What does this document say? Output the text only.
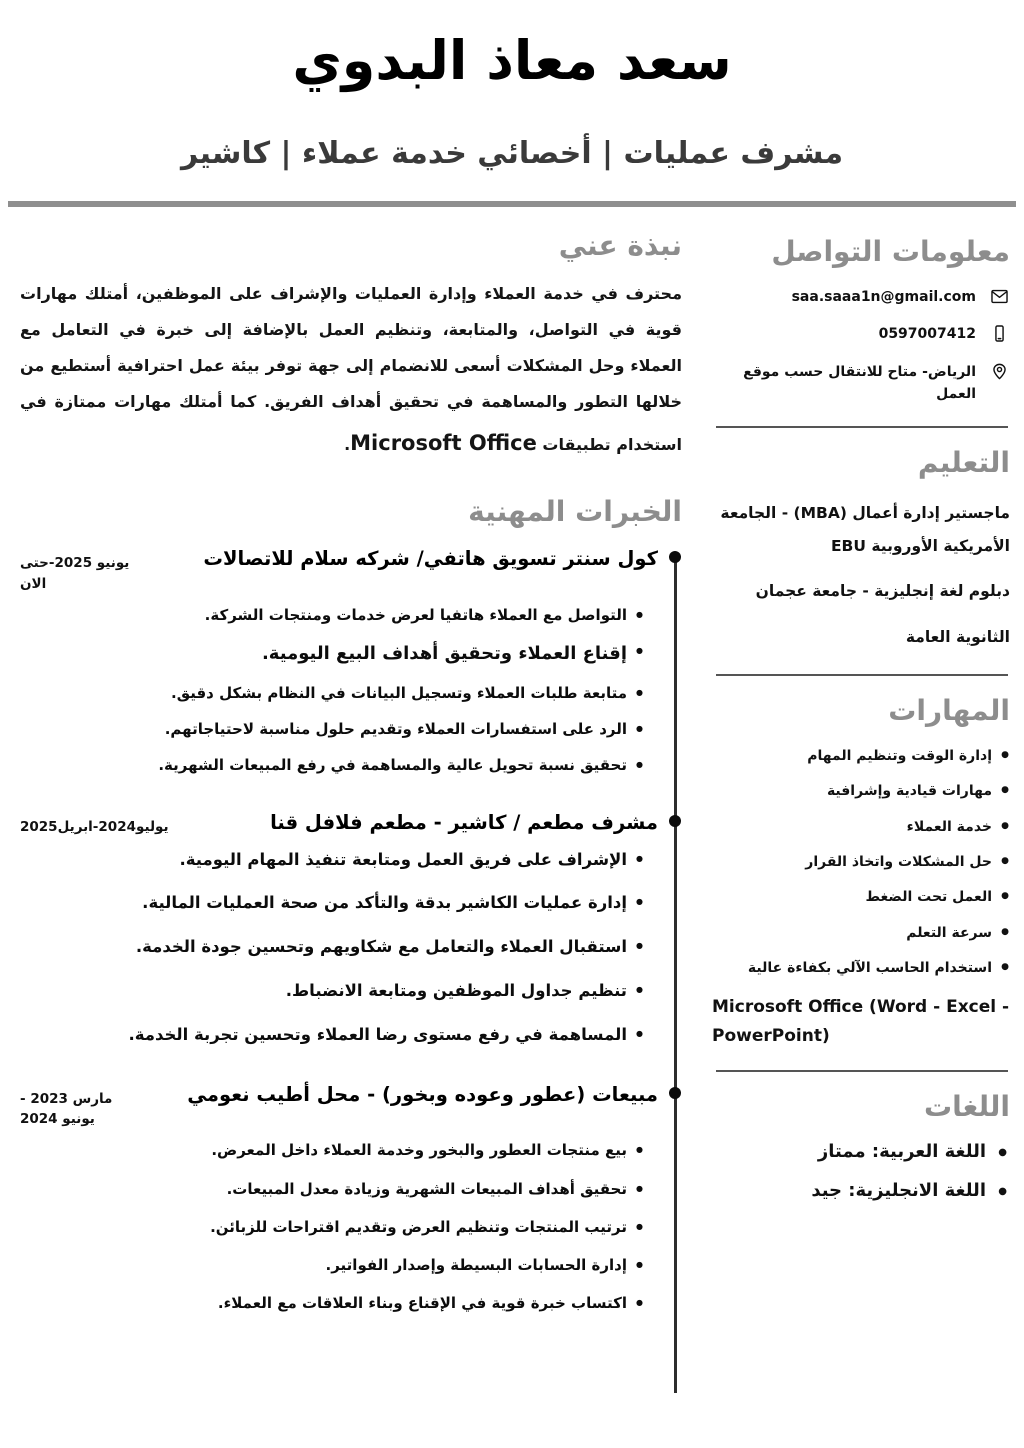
سعد معاذ البدوي
مشرف عمليات | أخصائي خدمة عملاء | كاشير
معلومات التواصل
saa.saaa1n@gmail.com
0597007412
الرياض- متاح للانتقال حسب موقع العمل
التعليم
ماجستير إدارة أعمال (MBA) - الجامعة الأمريكية الأوروبية EBU
دبلوم لغة إنجليزية - جامعة عجمان
الثانوية العامة
المهارات
● إدارة الوقت وتنظيم المهام
● مهارات قيادية وإشرافية
● خدمة العملاء
● حل المشكلات واتخاذ القرار
● العمل تحت الضغط
● سرعة التعلم
● استخدام الحاسب الآلي بكفاءة عالية
Microsoft Office (Word - Excel - PowerPoint)
اللغات
● اللغة العربية: ممتاز
● اللغة الانجليزية: جيد
نبذة عني

محترف في خدمة العملاء وإدارة العمليات والإشراف على الموظفين، أمتلك مهارات قوية في التواصل، والمتابعة، وتنظيم العمل بالإضافة إلى خبرة في التعامل مع العملاء وحل المشكلات أسعى للانضمام إلى جهة توفر بيئة عمل احترافية أستطيع من خلالها التطور والمساهمة في تحقيق أهداف الفريق. كما أمتلك مهارات ممتازة في استخدام تطبيقات Microsoft Office.

الخبرات المهنية
كول سنتر تسويق هاتفي/ شركه سلام للاتصالات
يونيو 2025-حتى الان
● التواصل مع العملاء هاتفيا لعرض خدمات ومنتجات الشركة.
● إقناع العملاء وتحقيق أهداف البيع اليومية.
● متابعة طلبات العملاء وتسجيل البيانات في النظام بشكل دقيق.
● الرد على استفسارات العملاء وتقديم حلول مناسبة لاحتياجاتهم.
● تحقيق نسبة تحويل عالية والمساهمة في رفع المبيعات الشهرية.
مشرف مطعم / كاشير - مطعم فلافل قنا
يوليو2024-ابريل2025
● الإشراف على فريق العمل ومتابعة تنفيذ المهام اليومية.
● إدارة عمليات الكاشير بدقة والتأكد من صحة العمليات المالية.
● استقبال العملاء والتعامل مع شكاويهم وتحسين جودة الخدمة.
● تنظيم جداول الموظفين ومتابعة الانضباط.
● المساهمة في رفع مستوى رضا العملاء وتحسين تجربة الخدمة.
مبيعات (عطور وعوده وبخور) - محل أطيب نعومي
مارس 2023 - يونيو 2024
● بيع منتجات العطور والبخور وخدمة العملاء داخل المعرض.
● تحقيق أهداف المبيعات الشهرية وزيادة معدل المبيعات.
● ترتيب المنتجات وتنظيم العرض وتقديم اقتراحات للزبائن.
● إدارة الحسابات البسيطة وإصدار الفواتير.
● اكتساب خبرة قوية في الإقناع وبناء العلاقات مع العملاء.
